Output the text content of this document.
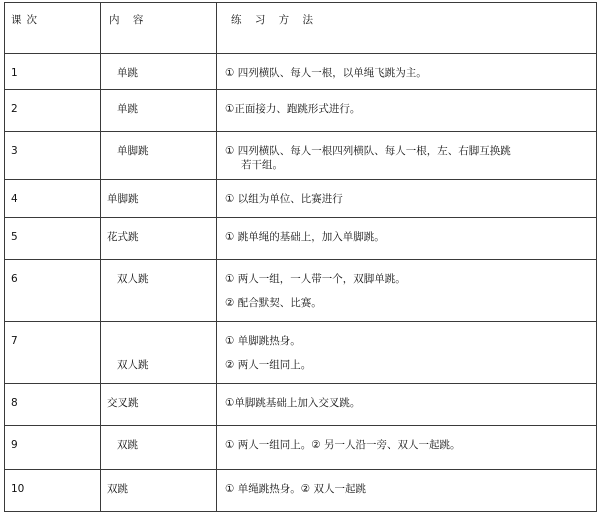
课次	内 容	练 习 方 法
1	单跳	① 四列横队、每人一根，以单绳飞跳为主。

2	单跳	①正面接力、跑跳形式进行。

3	单脚跳	① 四列横队、每人一根四列横队、每人一根，左、右脚互换跳
若干组。

4	单脚跳	① 以组为单位、比赛进行

5	花式跳	① 跳单绳的基础上，加入单脚跳。

6	双人跳	① 两人一组，一人带一个，双脚单跳。
② 配合默契、比赛。

7	双人跳	① 单脚跳热身。
② 两人一组同上。

8	交叉跳	①单脚跳基础上加入交叉跳。

9	双跳	① 两人一组同上。② 另一人沿一旁、双人一起跳。

10	双跳	① 单绳跳热身。② 双人一起跳
